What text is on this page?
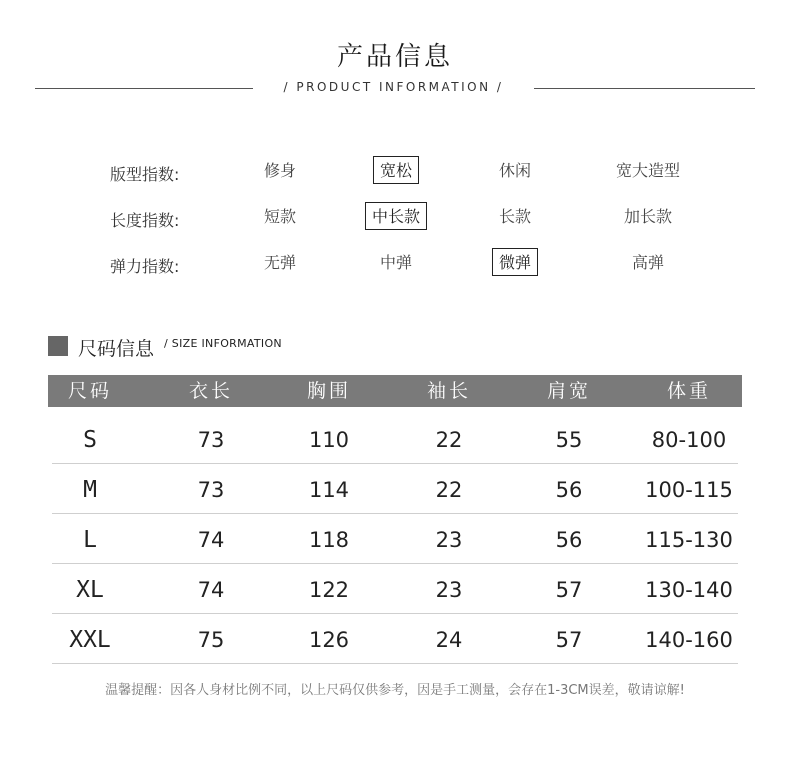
产品信息
/ PRODUCT INFORMATION /
版型指数:	修身	宽松	休闲	宽大造型
长度指数:	短款	中长款	长款	加长款
弹力指数:	无弹	中弹	微弹	高弹
尺码信息 / SIZE INFORMATION
尺码	衣长	胸围	袖长	肩宽	体重
S	73	110	22	55	80-100
M	73	114	22	56	100-115
L	74	118	23	56	115-130
XL	74	122	23	57	130-140
XXL	75	126	24	57	140-160
温馨提醒：因各人身材比例不同，以上尺码仅供参考，因是手工测量，会存在1-3CM误差，敬请谅解!
